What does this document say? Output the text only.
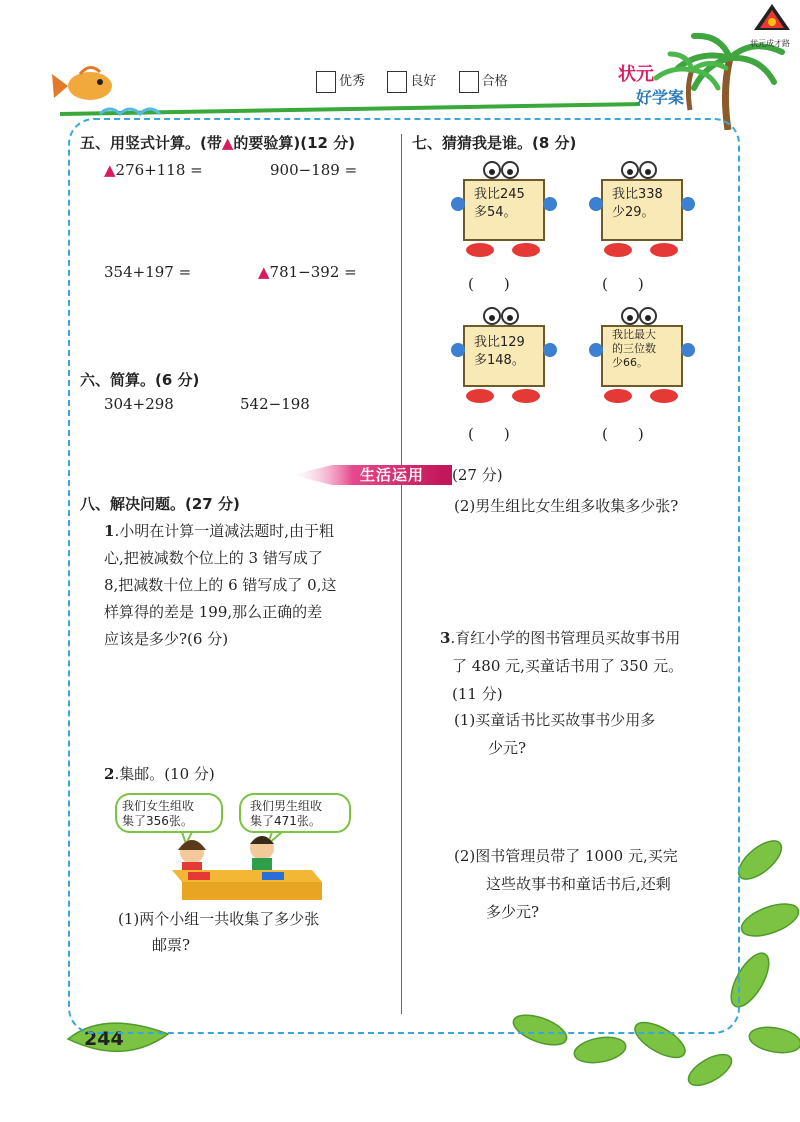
状元成才路
优秀	良好	合格	状元
好学案
244
五、用竖式计算。(带▲的要验算)(12 分)
▲276+118 =	900−189 =
354+197 =	▲781−392 =
六、简算。(6 分)
304+298	542−198
七、猜猜我是谁。(8 分)
我比245
多54。
我比338
少29。
我比129
多148。
我比最大
的三位数
少66。
(　　)	(　　)
(　　)	(　　)
生活运用 (27 分)
八、解决问题。(27 分)
1.小明在计算一道减法题时,由于粗
心,把被减数个位上的 3 错写成了
8,把减数十位上的 6 错写成了 0,这
样算得的差是 199,那么正确的差
应该是多少?(6 分)
2.集邮。(10 分)
我们女生组收
集了356张。
我们男生组收
集了471张。
(1)两个小组一共收集了多少张
邮票?
(2)男生组比女生组多收集多少张?
3.育红小学的图书管理员买故事书用
了 480 元,买童话书用了 350 元。
(11 分)
(1)买童话书比买故事书少用多
少元?
(2)图书管理员带了 1000 元,买完
这些故事书和童话书后,还剩
多少元?
